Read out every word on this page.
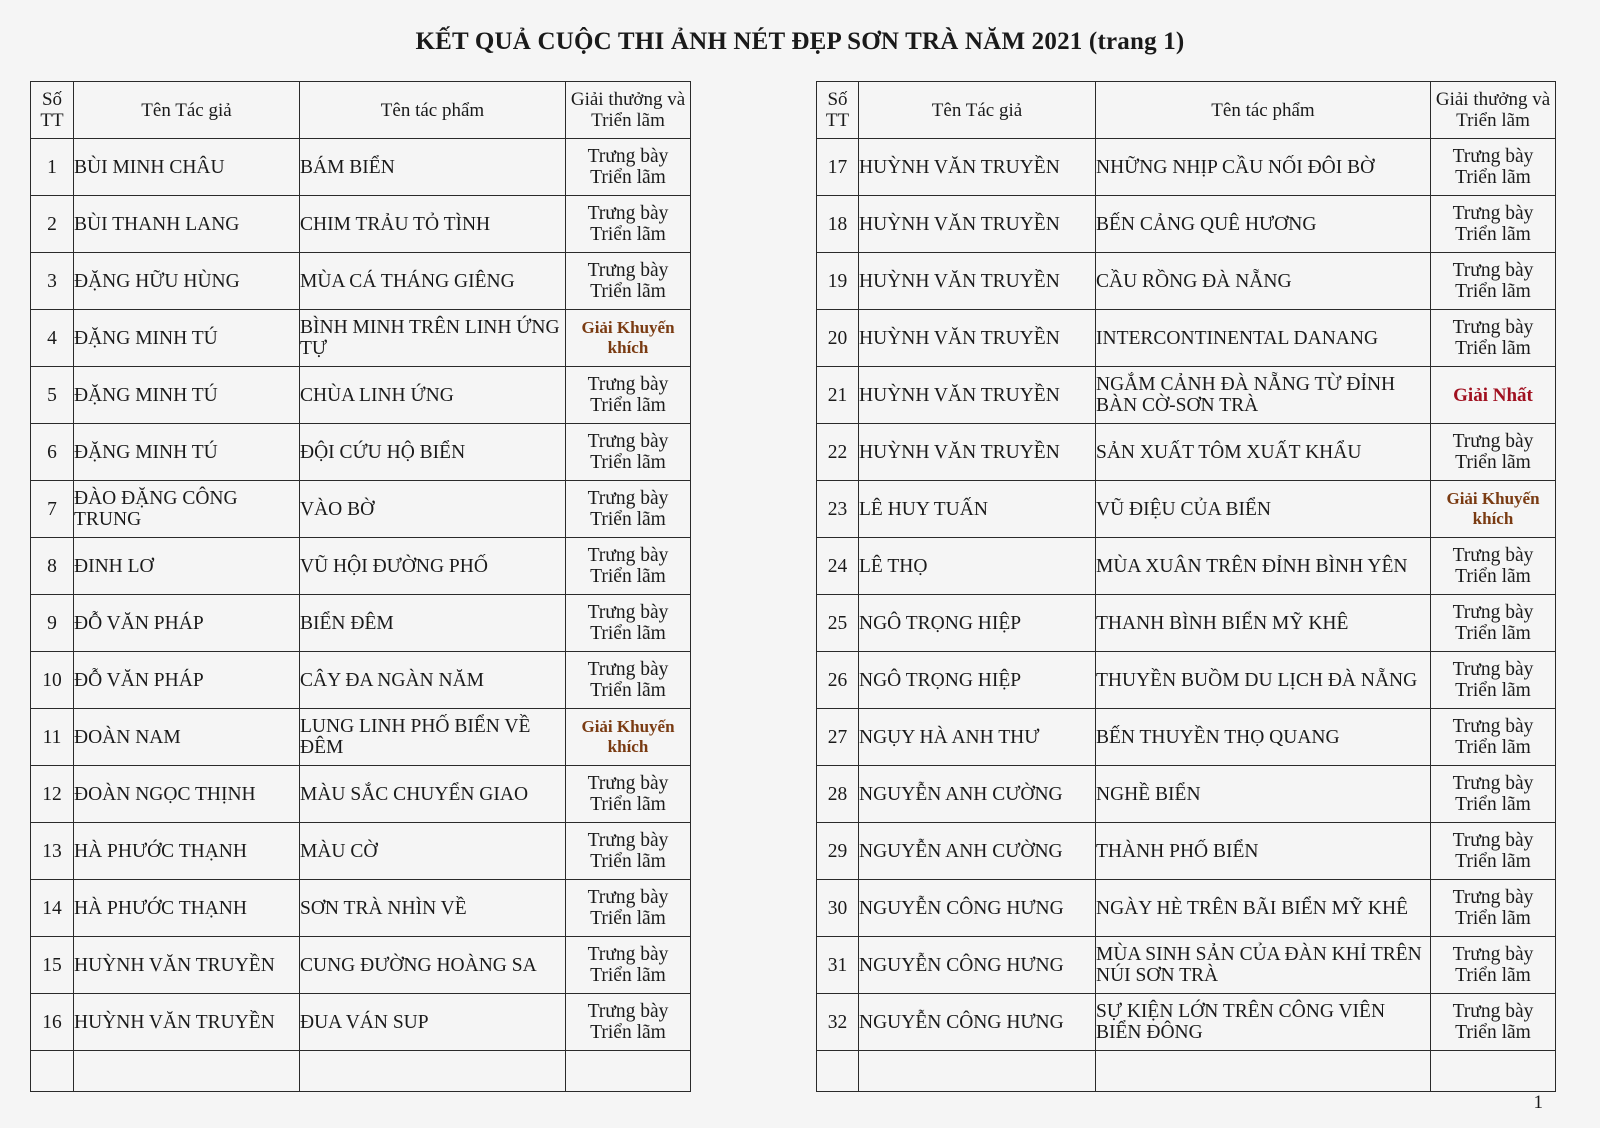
KẾT QUẢ CUỘC THI ẢNH NÉT ĐẸP SƠN TRÀ NĂM 2021 (trang 1)
Số TT	Tên Tác giả	Tên tác phẩm	Giải thưởng và Triển lãm
1	BÙI MINH CHÂU	BÁM BIỂN	Trưng bày Triển lãm
2	BÙI THANH LANG	CHIM TRẢU TỎ TÌNH	Trưng bày Triển lãm
3	ĐẶNG HỮU HÙNG	MÙA CÁ THÁNG GIÊNG	Trưng bày Triển lãm
4	ĐẶNG MINH TÚ	BÌNH MINH TRÊN LINH ỨNG TỰ	Giải Khuyến khích
5	ĐẶNG MINH TÚ	CHÙA LINH ỨNG	Trưng bày Triển lãm
6	ĐẶNG MINH TÚ	ĐỘI CỨU HỘ BIỂN	Trưng bày Triển lãm
7	ĐÀO ĐẶNG CÔNG TRUNG	VÀO BỜ	Trưng bày Triển lãm
8	ĐINH LƠ	VŨ HỘI ĐƯỜNG PHỐ	Trưng bày Triển lãm
9	ĐỖ VĂN PHÁP	BIỂN ĐÊM	Trưng bày Triển lãm
10	ĐỖ VĂN PHÁP	CÂY ĐA NGÀN NĂM	Trưng bày Triển lãm
11	ĐOÀN NAM	LUNG LINH PHỐ BIỂN VỀ ĐÊM	Giải Khuyến khích
12	ĐOÀN NGỌC THỊNH	MÀU SẮC CHUYỂN GIAO	Trưng bày Triển lãm
13	HÀ PHƯỚC THẠNH	MÀU CỜ	Trưng bày Triển lãm
14	HÀ PHƯỚC THẠNH	SƠN TRÀ NHÌN VỀ	Trưng bày Triển lãm
15	HUỲNH VĂN TRUYỀN	CUNG ĐƯỜNG HOÀNG SA	Trưng bày Triển lãm
16	HUỲNH VĂN TRUYỀN	ĐUA VÁN SUP	Trưng bày Triển lãm

Số TT	Tên Tác giả	Tên tác phẩm	Giải thưởng và Triển lãm
17	HUỲNH VĂN TRUYỀN	NHỮNG NHỊP CẦU NỐI ĐÔI BỜ	Trưng bày Triển lãm
18	HUỲNH VĂN TRUYỀN	BẾN CẢNG QUÊ HƯƠNG	Trưng bày Triển lãm
19	HUỲNH VĂN TRUYỀN	CẦU RỒNG ĐÀ NẴNG	Trưng bày Triển lãm
20	HUỲNH VĂN TRUYỀN	INTERCONTINENTAL DANANG	Trưng bày Triển lãm
21	HUỲNH VĂN TRUYỀN	NGẮM CẢNH ĐÀ NẴNG TỪ ĐỈNH BÀN CỜ-SƠN TRÀ	Giải Nhất
22	HUỲNH VĂN TRUYỀN	SẢN XUẤT TÔM XUẤT KHẨU	Trưng bày Triển lãm
23	LÊ HUY TUẤN	VŨ ĐIỆU CỦA BIỂN	Giải Khuyến khích
24	LÊ THỌ	MÙA XUÂN TRÊN ĐỈNH BÌNH YÊN	Trưng bày Triển lãm
25	NGÔ TRỌNG HIỆP	THANH BÌNH BIỂN MỸ KHÊ	Trưng bày Triển lãm
26	NGÔ TRỌNG HIỆP	THUYỀN BUỒM DU LỊCH ĐÀ NẴNG	Trưng bày Triển lãm
27	NGỤY HÀ ANH THƯ	BẾN THUYỀN THỌ QUANG	Trưng bày Triển lãm
28	NGUYỄN ANH CƯỜNG	NGHỀ BIỂN	Trưng bày Triển lãm
29	NGUYỄN ANH CƯỜNG	THÀNH PHỐ BIỂN	Trưng bày Triển lãm
30	NGUYỄN CÔNG HƯNG	NGÀY HÈ TRÊN BÃI BIỂN MỸ KHÊ	Trưng bày Triển lãm
31	NGUYỄN CÔNG HƯNG	MÙA SINH SẢN CỦA ĐÀN KHỈ TRÊN NÚI SƠN TRÀ	Trưng bày Triển lãm
32	NGUYỄN CÔNG HƯNG	SỰ KIỆN LỚN TRÊN CÔNG VIÊN BIỂN ĐÔNG	Trưng bày Triển lãm

1
